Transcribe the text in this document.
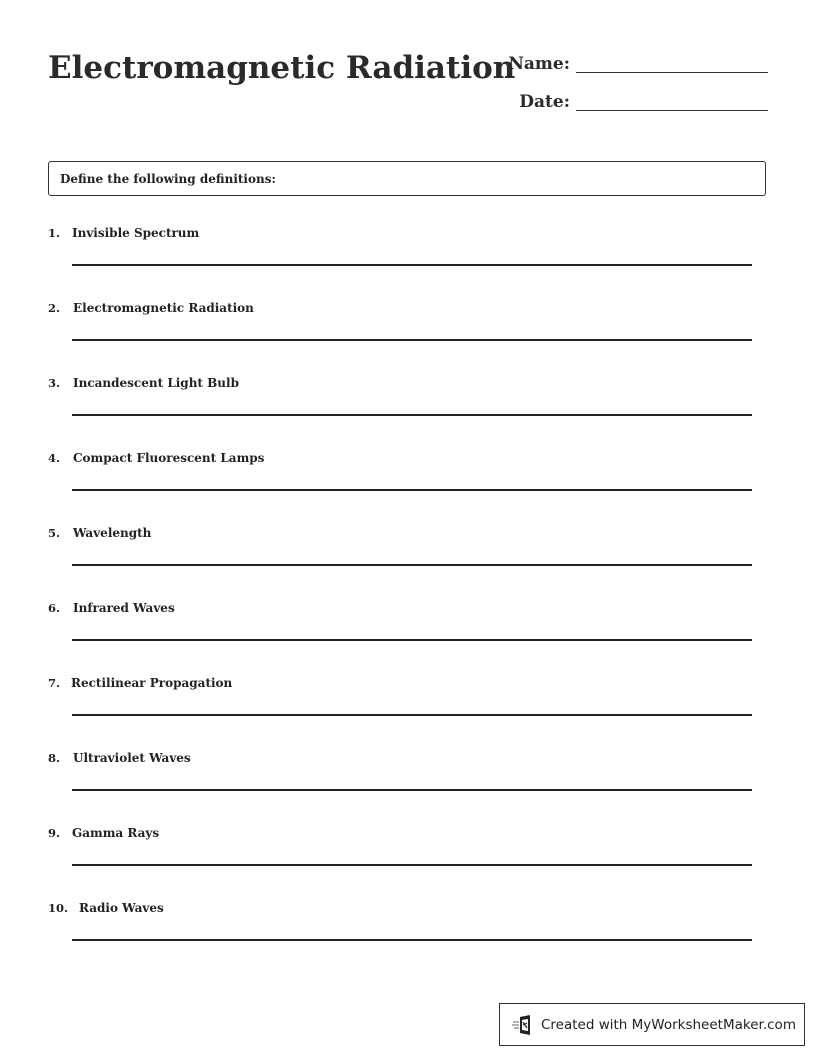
Electromagnetic Radiation
Name:
Date:
Define the following definitions:
1. Invisible Spectrum
2. Electromagnetic Radiation
3. Incandescent Light Bulb
4. Compact Fluorescent Lamps
5. Wavelength
6. Infrared Waves
7. Rectilinear Propagation
8. Ultraviolet Waves
9. Gamma Rays
10. Radio Waves
Created with MyWorksheetMaker.com
